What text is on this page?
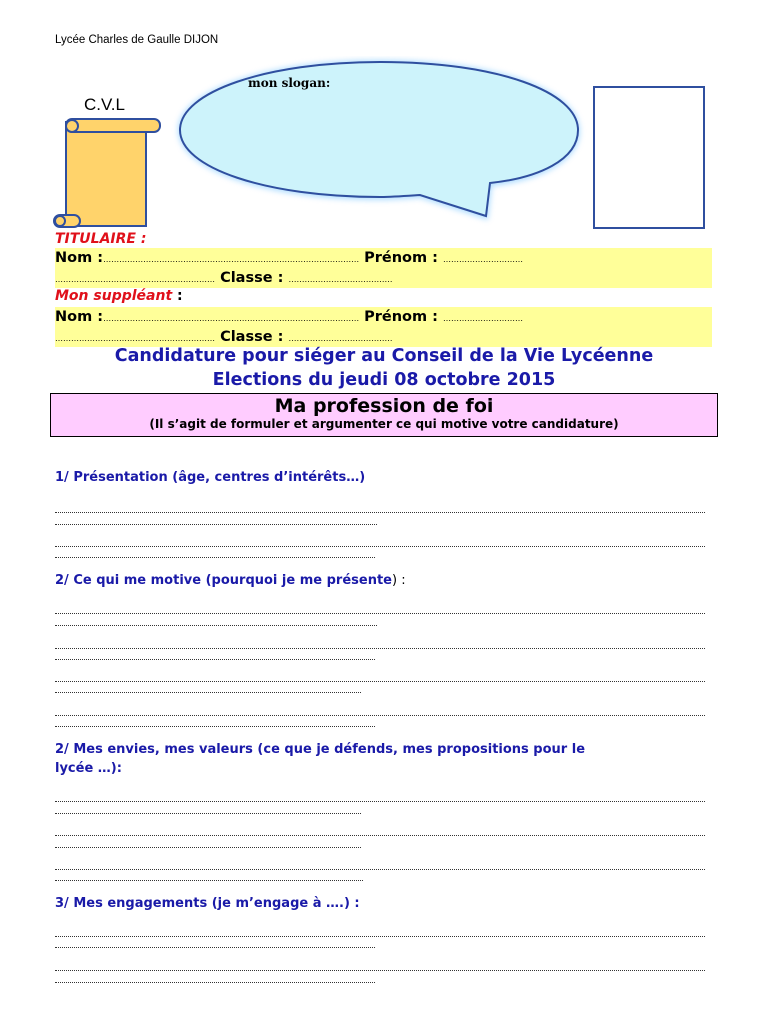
Lycée Charles de Gaulle DIJON
C.V.L
mon slogan:
TITULAIRE :
Nom :…………………………………………………………………………………… Prénom : …………………………
…………………………………………………… Classe : …………………………………
Mon suppléant :
Nom :…………………………………………………………………………………… Prénom : …………………………
…………………………………………………… Classe : …………………………………
Candidature pour siéger au Conseil de la Vie Lycéenne
Elections du jeudi 08 octobre 2015
Ma profession de foi
(Il s’agit de formuler et argumenter ce qui motive votre candidature)
1/ Présentation (âge, centres d’intérêts…)
2/ Ce qui me motive (pourquoi je me présente) :
2/ Mes envies, mes valeurs (ce que je défends, mes propositions pour le
lycée …):
3/ Mes engagements (je m’engage à ….) :
